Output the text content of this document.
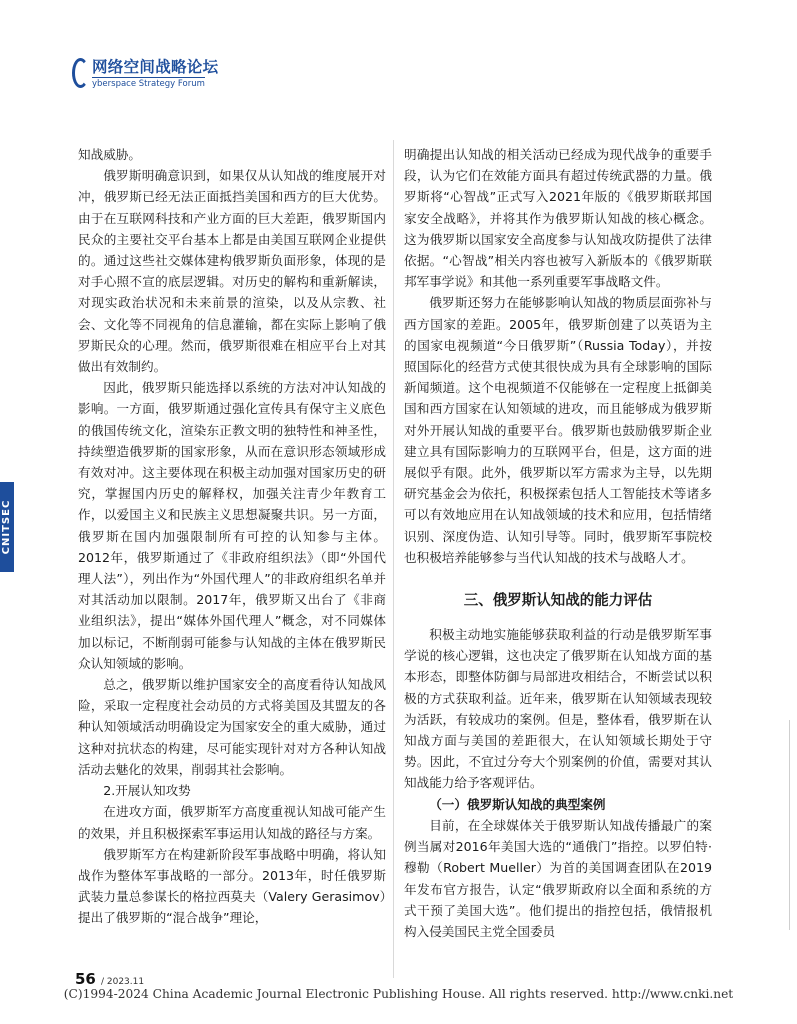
网络空间战略论坛
yberspace Strategy Forum
CNITSEC

知战威胁。

俄罗斯明确意识到，如果仅从认知战的维度展开对冲，俄罗斯已经无法正面抵挡美国和西方的巨大优势。由于在互联网科技和产业方面的巨大差距，俄罗斯国内民众的主要社交平台基本上都是由美国互联网企业提供的。通过这些社交媒体建构俄罗斯负面形象，体现的是对手心照不宣的底层逻辑。对历史的解构和重新解读，对现实政治状况和未来前景的渲染，以及从宗教、社会、文化等不同视角的信息灌输，都在实际上影响了俄罗斯民众的心理。然而，俄罗斯很难在相应平台上对其做出有效制约。

因此，俄罗斯只能选择以系统的方法对冲认知战的影响。一方面，俄罗斯通过强化宣传具有保守主义底色的俄国传统文化，渲染东正教文明的独特性和神圣性，持续塑造俄罗斯的国家形象，从而在意识形态领域形成有效对冲。这主要体现在积极主动加强对国家历史的研究，掌握国内历史的解释权，加强关注青少年教育工作，以爱国主义和民族主义思想凝聚共识。另一方面，俄罗斯在国内加强限制所有可控的认知参与主体。2012年，俄罗斯通过了《非政府组织法》（即“外国代理人法”），列出作为“外国代理人”的非政府组织名单并对其活动加以限制。2017年，俄罗斯又出台了《非商业组织法》，提出“媒体外国代理人”概念，对不同媒体加以标记，不断削弱可能参与认知战的主体在俄罗斯民众认知领域的影响。

总之，俄罗斯以维护国家安全的高度看待认知战风险，采取一定程度社会动员的方式将美国及其盟友的各种认知领域活动明确设定为国家安全的重大威胁，通过这种对抗状态的构建，尽可能实现针对对方各种认知战活动去魅化的效果，削弱其社会影响。

2.开展认知攻势

在进攻方面，俄罗斯军方高度重视认知战可能产生的效果，并且积极探索军事运用认知战的路径与方案。

俄罗斯军方在构建新阶段军事战略中明确，将认知战作为整体军事战略的一部分。2013年，时任俄罗斯武装力量总参谋长的格拉西莫夫（Valery Gerasimov）提出了俄罗斯的“混合战争”理论，

明确提出认知战的相关活动已经成为现代战争的重要手段，认为它们在效能方面具有超过传统武器的力量。俄罗斯将“心智战”正式写入2021年版的《俄罗斯联邦国家安全战略》，并将其作为俄罗斯认知战的核心概念。这为俄罗斯以国家安全高度参与认知战攻防提供了法律依据。“心智战”相关内容也被写入新版本的《俄罗斯联邦军事学说》和其他一系列重要军事战略文件。

俄罗斯还努力在能够影响认知战的物质层面弥补与西方国家的差距。2005年，俄罗斯创建了以英语为主的国家电视频道“今日俄罗斯”（Russia Today），并按照国际化的经营方式使其很快成为具有全球影响的国际新闻频道。这个电视频道不仅能够在一定程度上抵御美国和西方国家在认知领域的进攻，而且能够成为俄罗斯对外开展认知战的重要平台。俄罗斯也鼓励俄罗斯企业建立具有国际影响力的互联网平台，但是，这方面的进展似乎有限。此外，俄罗斯以军方需求为主导，以先期研究基金会为依托，积极探索包括人工智能技术等诸多可以有效地应用在认知战领域的技术和应用，包括情绪识别、深度伪造、认知引导等。同时，俄罗斯军事院校也积极培养能够参与当代认知战的技术与战略人才。

三、俄罗斯认知战的能力评估

积极主动地实施能够获取利益的行动是俄罗斯军事学说的核心逻辑，这也决定了俄罗斯在认知战方面的基本形态，即整体防御与局部进攻相结合，不断尝试以积极的方式获取利益。近年来，俄罗斯在认知领域表现较为活跃，有较成功的案例。但是，整体看，俄罗斯在认知战方面与美国的差距很大，在认知领域长期处于守势。因此，不宜过分夸大个别案例的价值，需要对其认知战能力给予客观评估。

（一）俄罗斯认知战的典型案例

目前，在全球媒体关于俄罗斯认知战传播最广的案例当属对2016年美国大选的“通俄门”指控。以罗伯特·穆勒（Robert Mueller）为首的美国调查团队在2019年发布官方报告，认定“俄罗斯政府以全面和系统的方式干预了美国大选”。他们提出的指控包括，俄情报机构入侵美国民主党全国委员

56 / 2023.11
(C)1994-2024 China Academic Journal Electronic Publishing House. All rights reserved. http://www.cnki.net
